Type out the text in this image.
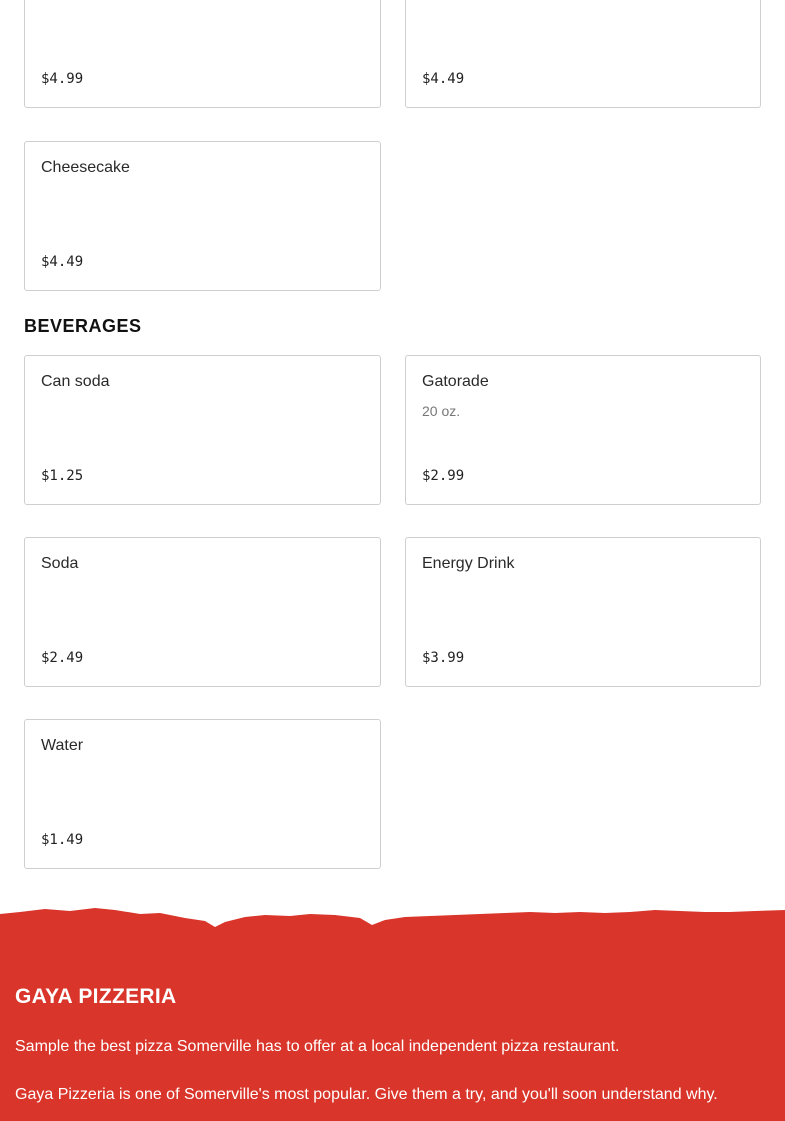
$4.99	$4.49
Cheesecake
$4.49
BEVERAGES
Can soda
$1.25
Gatorade
20 oz.
$2.99
Soda
$2.49
Energy Drink
$3.99
Water
$1.49
GAYA PIZZERIA
Sample the best pizza Somerville has to offer at a local independent pizza restaurant.
Gaya Pizzeria is one of Somerville's most popular. Give them a try, and you'll soon understand why.
